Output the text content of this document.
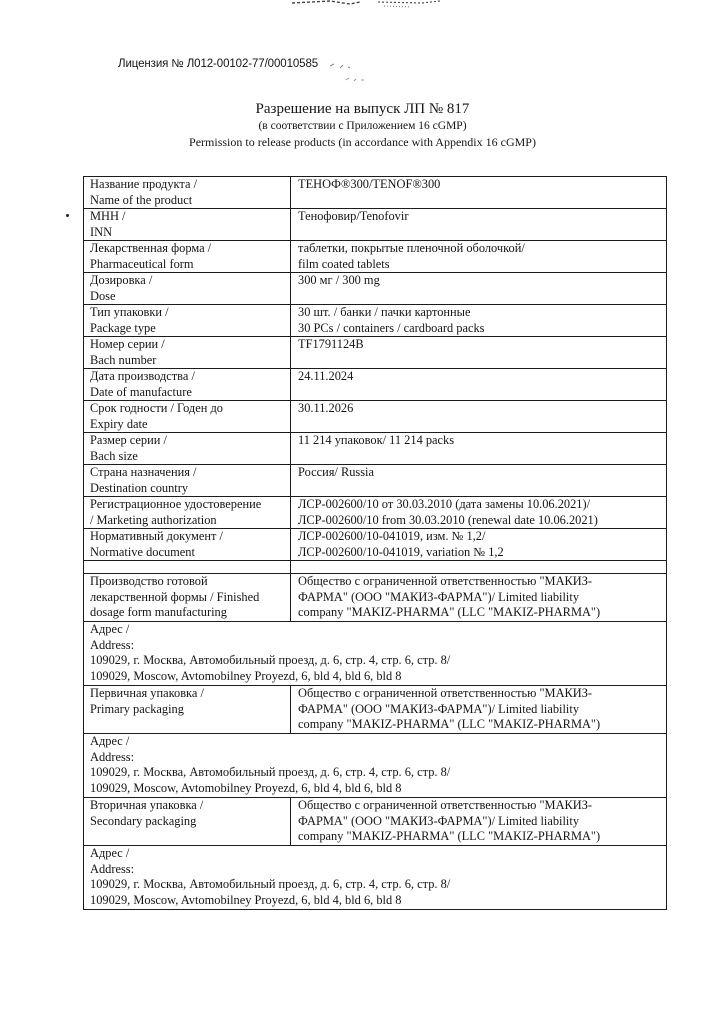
Лицензия № Л012-00102-77/00010585
Разрешение на выпуск ЛП № 817
(в соответствии с Приложением 16 cGMP)
Permission to release products (in accordance with Appendix 16 cGMP)
Название продукта /
Name of the product	ТЕНОФ®300/TENOF®300

МНН /
INN	Тенофовир/Tenofovir

Лекарственная форма /
Pharmaceutical form	таблетки, покрытые пленочной оболочкой/
film coated tablets

Дозировка /
Dose	300 мг / 300 mg

Тип упаковки /
Package type	30 шт. / банки / пачки картонные
30 PCs / containers / cardboard packs

Номер серии /
Bach number	TF1791124B

Дата производства /
Date of manufacture	24.11.2024

Срок годности / Годен до
Expiry date	30.11.2026

Размер серии /
Bach size	11 214 упаковок/ 11 214 packs

Страна назначения /
Destination country	Россия/ Russia

Регистрационное удостоверение
/ Marketing authorization	ЛСР-002600/10 от 30.03.2010 (дата замены 10.06.2021)/
ЛСР-002600/10 from 30.03.2010 (renewal date 10.06.2021)

Нормативный документ /
Normative document	ЛСР-002600/10-041019, изм. № 1,2/
ЛСР-002600/10-041019, variation № 1,2

Производство готовой
лекарственной формы / Finished
dosage form manufacturing	Общество с ограниченной ответственностью "МАКИЗ-
ФАРМА" (ООО "МАКИЗ-ФАРМА")/ Limited liability
company "MAKIZ-PHARMA" (LLC "MAKIZ-PHARMA")

Адрес /
Address:
109029, г. Москва, Автомобильный проезд, д. 6, стр. 4, стр. 6, стр. 8/
109029, Moscow, Avtomobilney Proyezd, 6, bld 4, bld 6, bld 8	

Первичная упаковка /
Primary packaging	Общество с ограниченной ответственностью "МАКИЗ-
ФАРМА" (ООО "МАКИЗ-ФАРМА")/ Limited liability
company "MAKIZ-PHARMA" (LLC "MAKIZ-PHARMA")

Адрес /
Address:
109029, г. Москва, Автомобильный проезд, д. 6, стр. 4, стр. 6, стр. 8/
109029, Moscow, Avtomobilney Proyezd, 6, bld 4, bld 6, bld 8	

Вторичная упаковка /
Secondary packaging	Общество с ограниченной ответственностью "МАКИЗ-
ФАРМА" (ООО "МАКИЗ-ФАРМА")/ Limited liability
company "MAKIZ-PHARMA" (LLC "MAKIZ-PHARMA")

Адрес /
Address:
109029, г. Москва, Автомобильный проезд, д. 6, стр. 4, стр. 6, стр. 8/
109029, Moscow, Avtomobilney Proyezd, 6, bld 4, bld 6, bld 8	
